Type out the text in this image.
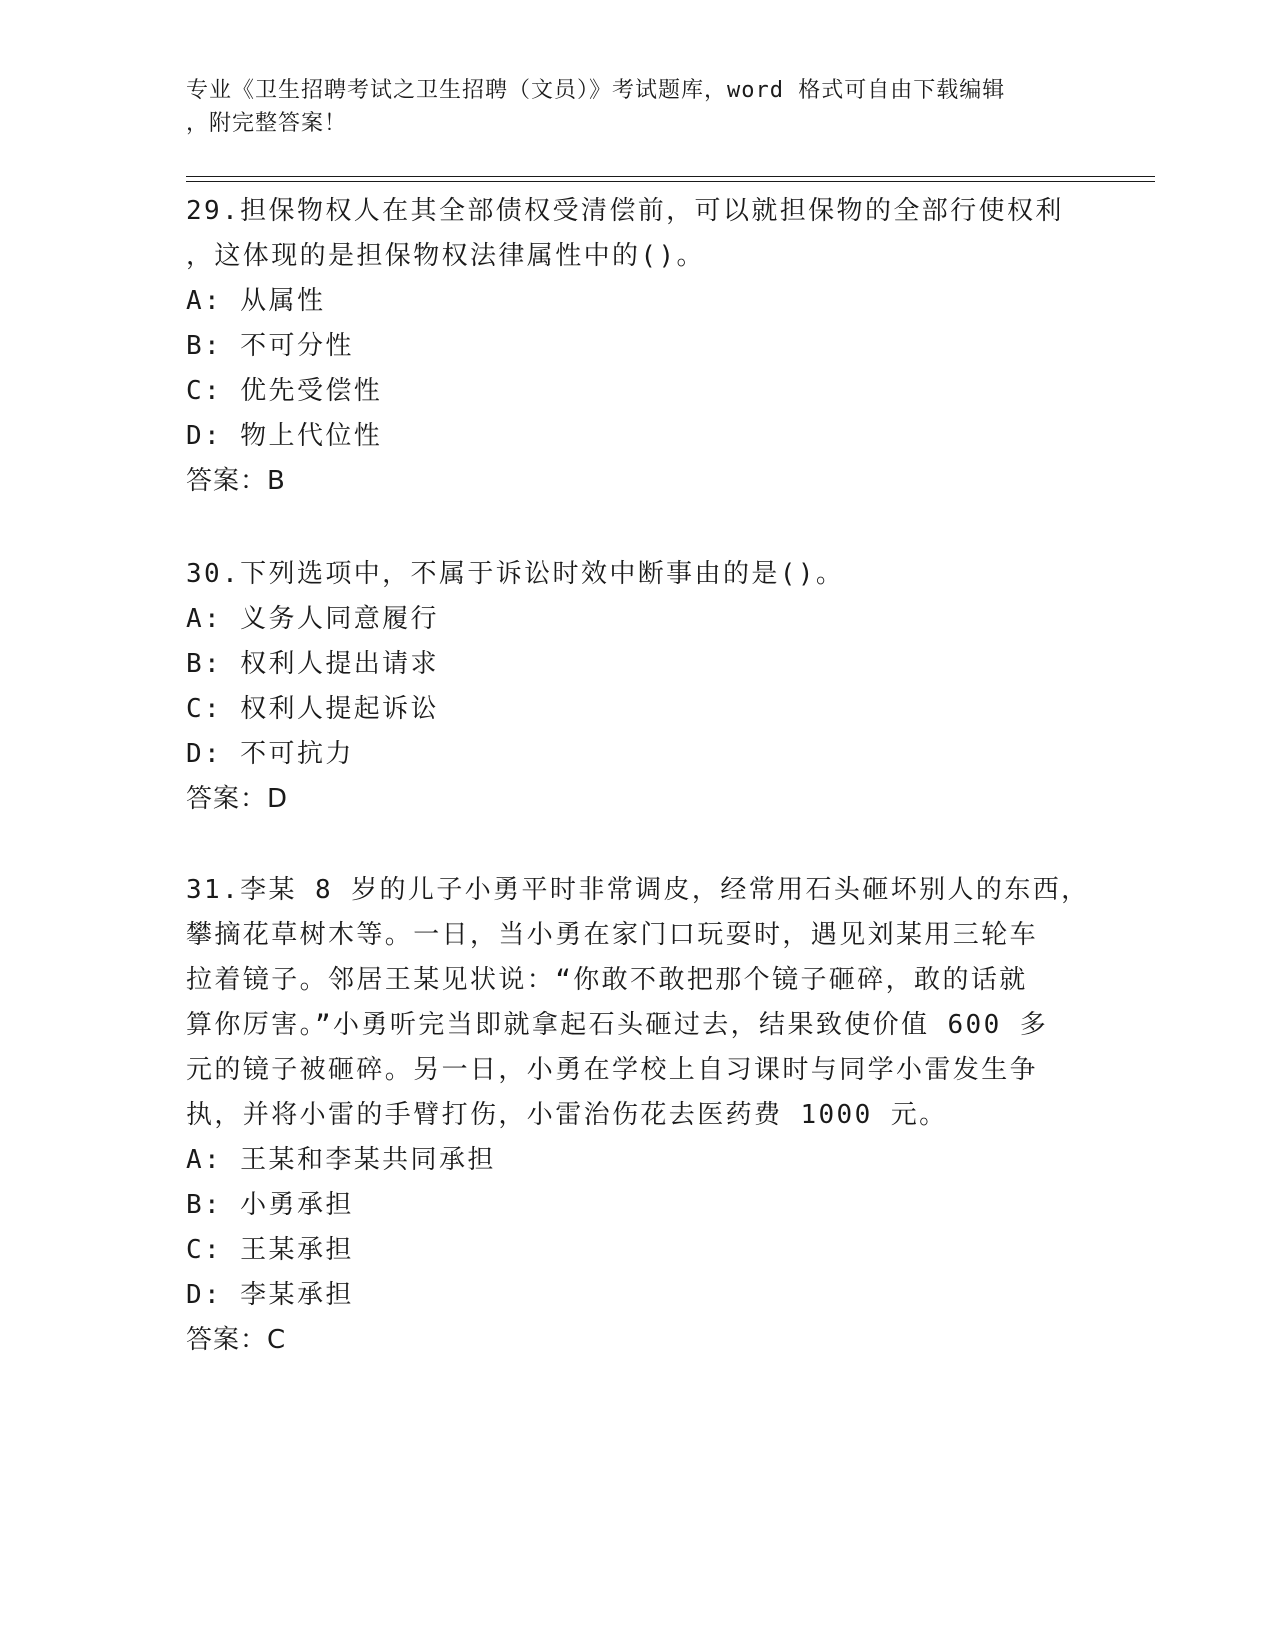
专业《卫生招聘考试之卫生招聘（文员）》考试题库，word 格式可自由下载编辑
，附完整答案！
29.担保物权人在其全部债权受清偿前，可以就担保物的全部行使权利
，这体现的是担保物权法律属性中的()。
A: 从属性
B: 不可分性
C: 优先受偿性
D: 物上代位性
答案：B
30.下列选项中，不属于诉讼时效中断事由的是()。
A: 义务人同意履行
B: 权利人提出请求
C: 权利人提起诉讼
D: 不可抗力
答案：D
31.李某 8 岁的儿子小勇平时非常调皮，经常用石头砸坏别人的东西，
攀摘花草树木等。一日，当小勇在家门口玩耍时，遇见刘某用三轮车
拉着镜子。邻居王某见状说：“你敢不敢把那个镜子砸碎，敢的话就
算你厉害。”小勇听完当即就拿起石头砸过去，结果致使价值 600 多
元的镜子被砸碎。另一日，小勇在学校上自习课时与同学小雷发生争
执，并将小雷的手臂打伤，小雷治伤花去医药费 1000 元。
A: 王某和李某共同承担
B: 小勇承担
C: 王某承担
D: 李某承担
答案：C
